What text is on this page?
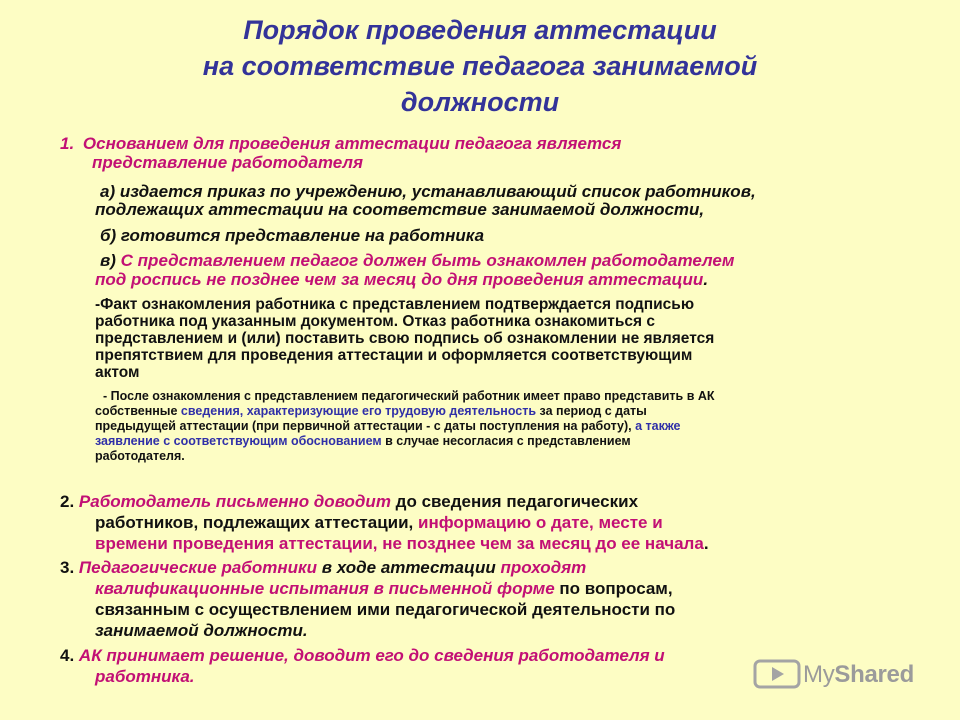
Порядок проведения аттестации
на соответствие педагога занимаемой
должности
1. Основанием для проведения аттестации педагога является
представление работодателя
а) издается приказ по учреждению, устанавливающий список работников,
подлежащих аттестации на соответствие занимаемой должности,
б) готовится представление на работника
в) С представлением педагог должен быть ознакомлен работодателем
под роспись не позднее чем за месяц до дня проведения аттестации.
-Факт ознакомления работника с представлением подтверждается подписью
работника под указанным документом. Отказ работника ознакомиться с
представлением и (или) поставить свою подпись об ознакомлении не является
препятствием для проведения аттестации и оформляется соответствующим
актом
- После ознакомления с представлением педагогический работник имеет право представить в АК
собственные сведения, характеризующие его трудовую деятельность за период с даты
предыдущей аттестации (при первичной аттестации - с даты поступления на работу), а также
заявление с соответствующим обоснованием в случае несогласия с представлением
работодателя.
2. Работодатель письменно доводит до сведения педагогических
работников, подлежащих аттестации, информацию о дате, месте и
времени проведения аттестации, не позднее чем за месяц до ее начала.
3. Педагогические работники в ходе аттестации проходят
квалификационные испытания в письменной форме по вопросам,
связанным с осуществлением ими педагогической деятельности по
занимаемой должности.
4. АК принимает решение, доводит его до сведения работодателя и
работника.	MyShared
